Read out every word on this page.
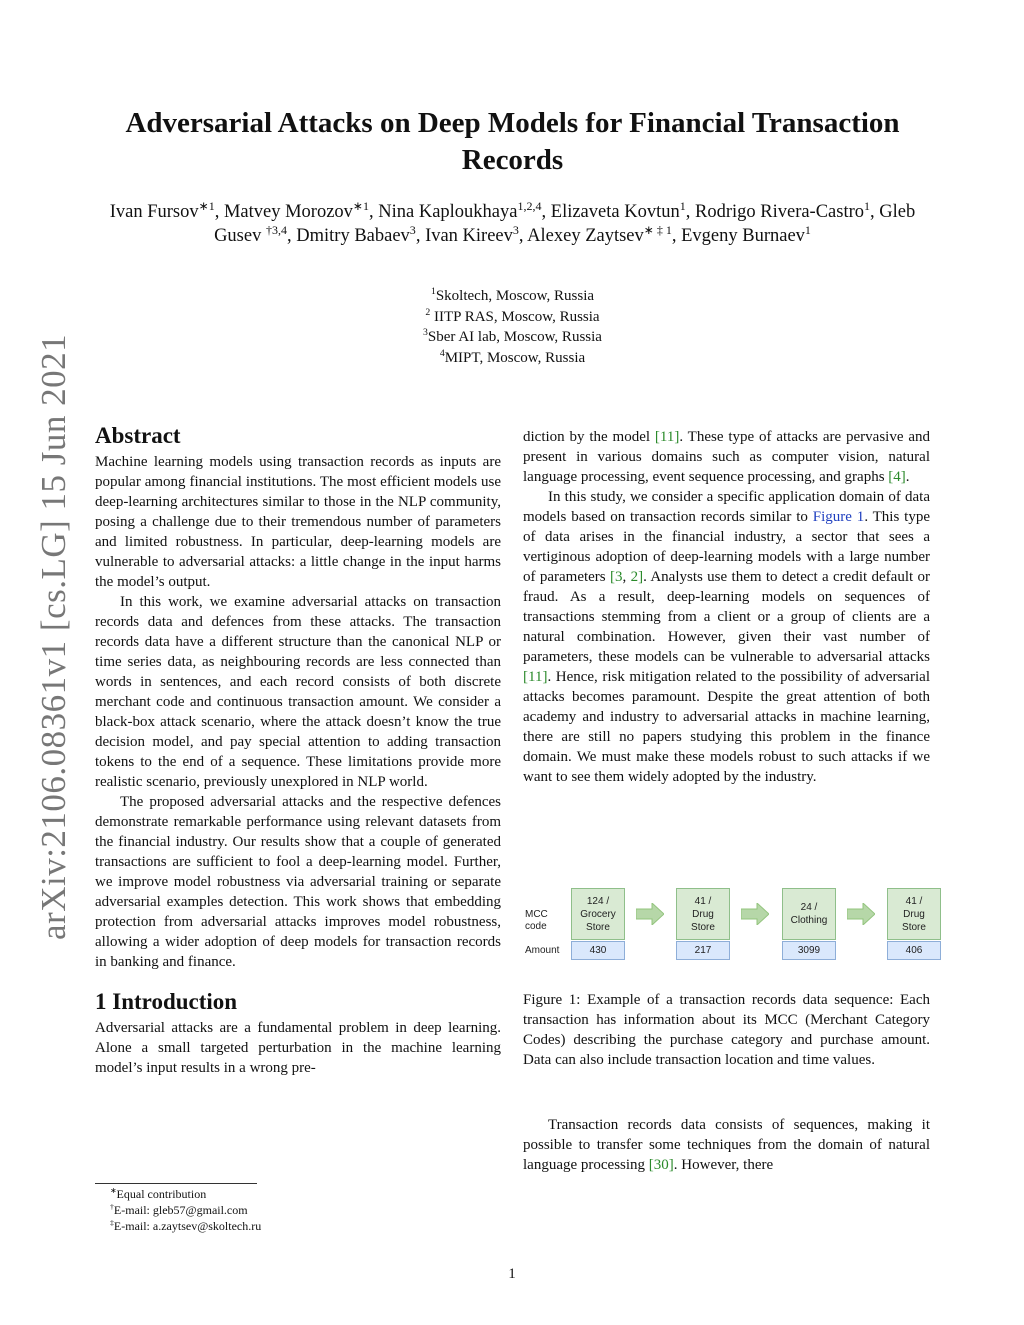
arXiv:2106.08361v1 [cs.LG] 15 Jun 2021
Adversarial Attacks on Deep Models for Financial Transaction Records
Ivan Fursov$^{∗1}$, Matvey Morozov$^{∗1}$, Nina Kaploukhaya$^{1,2,4}$, Elizaveta Kovtun$^1$, Rodrigo Rivera-Castro$^1$, Gleb Gusev $^{\dagger 3,4}$, Dmitry Babaev$^3$, Ivan Kireev$^3$, Alexey Zaytsev$^{∗ \ddagger 1}$, Evgeny Burnaev$^1$
$^1$Skoltech, Moscow, Russia
$^2$ IITP RAS, Moscow, Russia
$^3$Sber AI lab, Moscow, Russia
$^4$MIPT, Moscow, Russia
Abstract

Machine learning models using transaction records as inputs are popular among financial institutions. The most efficient models use deep-learning architectures similar to those in the NLP community, posing a challenge due to their tremendous number of parameters and limited robustness. In particular, deep-learning models are vulnerable to adversarial attacks: a little change in the input harms the model’s output.

In this work, we examine adversarial attacks on transaction records data and defences from these attacks. The transaction records data have a different structure than the canonical NLP or time series data, as neighbouring records are less connected than words in sentences, and each record consists of both discrete merchant code and continuous transaction amount. We consider a black-box attack scenario, where the attack doesn’t know the true decision model, and pay special attention to adding transaction tokens to the end of a sequence. These limitations provide more realistic scenario, previously unexplored in NLP world.

The proposed adversarial attacks and the respective defences demonstrate remarkable performance using relevant datasets from the financial industry. Our results show that a couple of generated transactions are sufficient to fool a deep-learning model. Further, we improve model robustness via adversarial training or separate adversarial examples detection. This work shows that embedding protection from adversarial attacks improves model robustness, allowing a wider adoption of deep models for transaction records in banking and finance.

1 Introduction

Adversarial attacks are a fundamental problem in deep learning. Alone a small targeted perturbation in the machine learning model’s input results in a wrong pre-

diction by the model [11]. These type of attacks are pervasive and present in various domains such as computer vision, natural language processing, event sequence processing, and graphs [4].

In this study, we consider a specific application domain of data models based on transaction records similar to Figure 1. This type of data arises in the financial industry, a sector that sees a vertiginous adoption of deep-learning models with a large number of parameters [3, 2]. Analysts use them to detect a credit default or fraud. As a result, deep-learning models on sequences of transactions stemming from a client or a group of clients are a natural combination. However, given their vast number of parameters, these models can be vulnerable to adversarial attacks [11]. Hence, risk mitigation related to the possibility of adversarial attacks becomes paramount. Despite the great attention of both academy and industry to adversarial attacks in machine learning, there are still no papers studying this problem in the finance domain. We must make these models robust to such attacks if we want to see them widely adopted by the industry.

MCC
code
Amount
124 /
Grocery
Store
430
41 /
Drug
Store
217
24 /
Clothing
3099
41 /
Drug
Store
406
Figure 1: Example of a transaction records data sequence: Each transaction has information about its MCC (Merchant Category Codes) describing the purchase category and purchase amount. Data can also include transaction location and time values.
Transaction records data consists of sequences, making it possible to transfer some techniques from the domain of natural language processing [30]. However, there
∗Equal contribution
†E-mail: gleb57@gmail.com
‡E-mail: a.zaytsev@skoltech.ru
1
